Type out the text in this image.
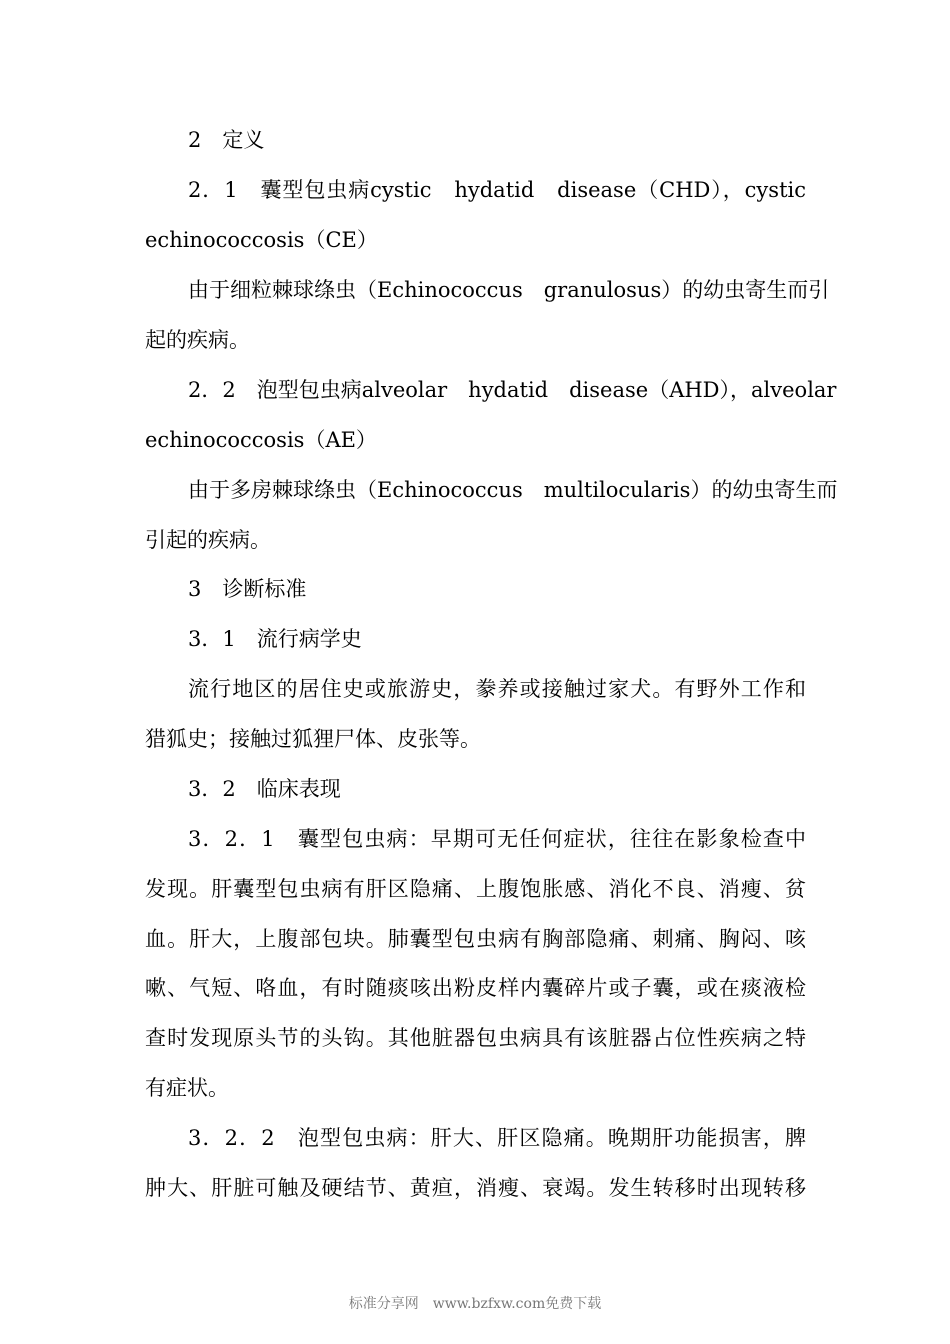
2　定义
2．1　囊型包虫病cystic　hydatid　disease（CHD），cystic
echinococcosis（CE）
由于细粒棘球绦虫（Echinococcus　granulosus）的幼虫寄生而引
起的疾病。
2．2　泡型包虫病alveolar　hydatid　disease（AHD），alveolar
echinococcosis（AE）
由于多房棘球绦虫（Echinococcus　multilocularis）的幼虫寄生而
引起的疾病。
3　诊断标准
3．1　流行病学史
流行地区的居住史或旅游史，豢养或接触过家犬。有野外工作和
猎狐史；接触过狐狸尸体、皮张等。
3．2　临床表现
3．2．1　囊型包虫病：早期可无任何症状，往往在影象检查中
发现。肝囊型包虫病有肝区隐痛、上腹饱胀感、消化不良、消瘦、贫
血。肝大，上腹部包块。肺囊型包虫病有胸部隐痛、刺痛、胸闷、咳
嗽、气短、咯血，有时随痰咳出粉皮样内囊碎片或子囊，或在痰液检
查时发现原头节的头钩。其他脏器包虫病具有该脏器占位性疾病之特
有症状。
3．2．2　泡型包虫病：肝大、肝区隐痛。晚期肝功能损害，脾
肿大、肝脏可触及硬结节、黄疸，消瘦、衰竭。发生转移时出现转移
标准分享网　www.bzfxw.com免费下载
